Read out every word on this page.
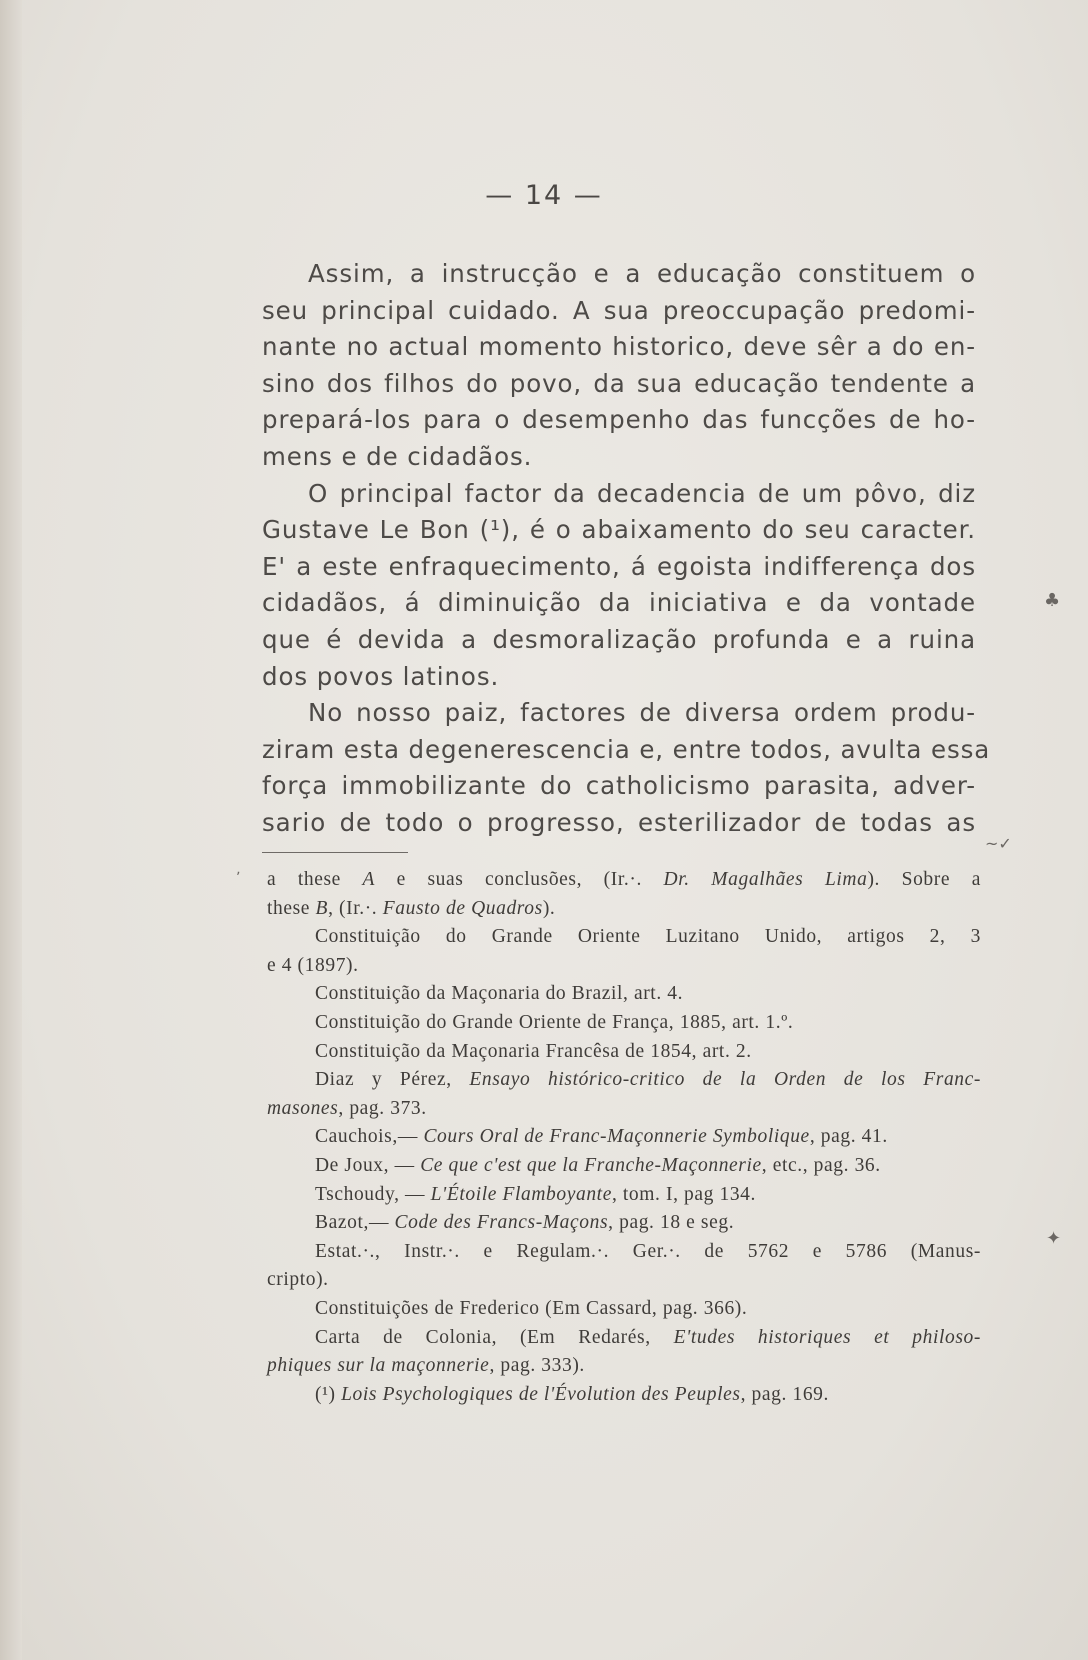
— 14 —
Assim, a instrucção e a educação constituem o
seu principal cuidado. A sua preoccupação predomi-
nante no actual momento historico, deve sêr a do en-
sino dos filhos do povo, da sua educação tendente a
prepará-los para o desempenho das funcções de ho-
mens e de cidadãos.
O principal factor da decadencia de um pôvo, diz
Gustave Le Bon (¹), é o abaixamento do seu caracter.
E' a este enfraquecimento, á egoista indifferença dos
cidadãos, á diminuição da iniciativa e da vontade
que é devida a desmoralização profunda e a ruina
dos povos latinos.
No nosso paiz, factores de diversa ordem produ-
ziram esta degenerescencia e, entre todos, avulta essa
força immobilizante do catholicismo parasita, adver-
sario de todo o progresso, esterilizador de todas as
a these A e suas conclusões, (Ir.·. Dr. Magalhães Lima). Sobre a
these B, (Ir.·. Fausto de Quadros).
Constituição do Grande Oriente Luzitano Unido, artigos 2, 3
e 4 (1897).
Constituição da Maçonaria do Brazil, art. 4.
Constituição do Grande Oriente de França, 1885, art. 1.º.
Constituição da Maçonaria Francêsa de 1854, art. 2.
Diaz y Pérez, Ensayo histórico-critico de la Orden de los Franc-
masones, pag. 373.
Cauchois,— Cours Oral de Franc-Maçonnerie Symbolique, pag. 41.
De Joux, — Ce que c'est que la Franche-Maçonnerie, etc., pag. 36.
Tschoudy, — L'Étoile Flamboyante, tom. I, pag 134.
Bazot,— Code des Francs-Maçons, pag. 18 e seg.
Estat.·., Instr.·. e Regulam.·. Ger.·. de 5762 e 5786 (Manus-
cripto).
Constituições de Frederico (Em Cassard, pag. 366).
Carta de Colonia, (Em Redarés, E'tudes historiques et philoso-
phiques sur la maçonnerie, pag. 333).
(¹) Lois Psychologiques de l'Évolution des Peuples, pag. 169.
♣
✦
~✓
ʼ
